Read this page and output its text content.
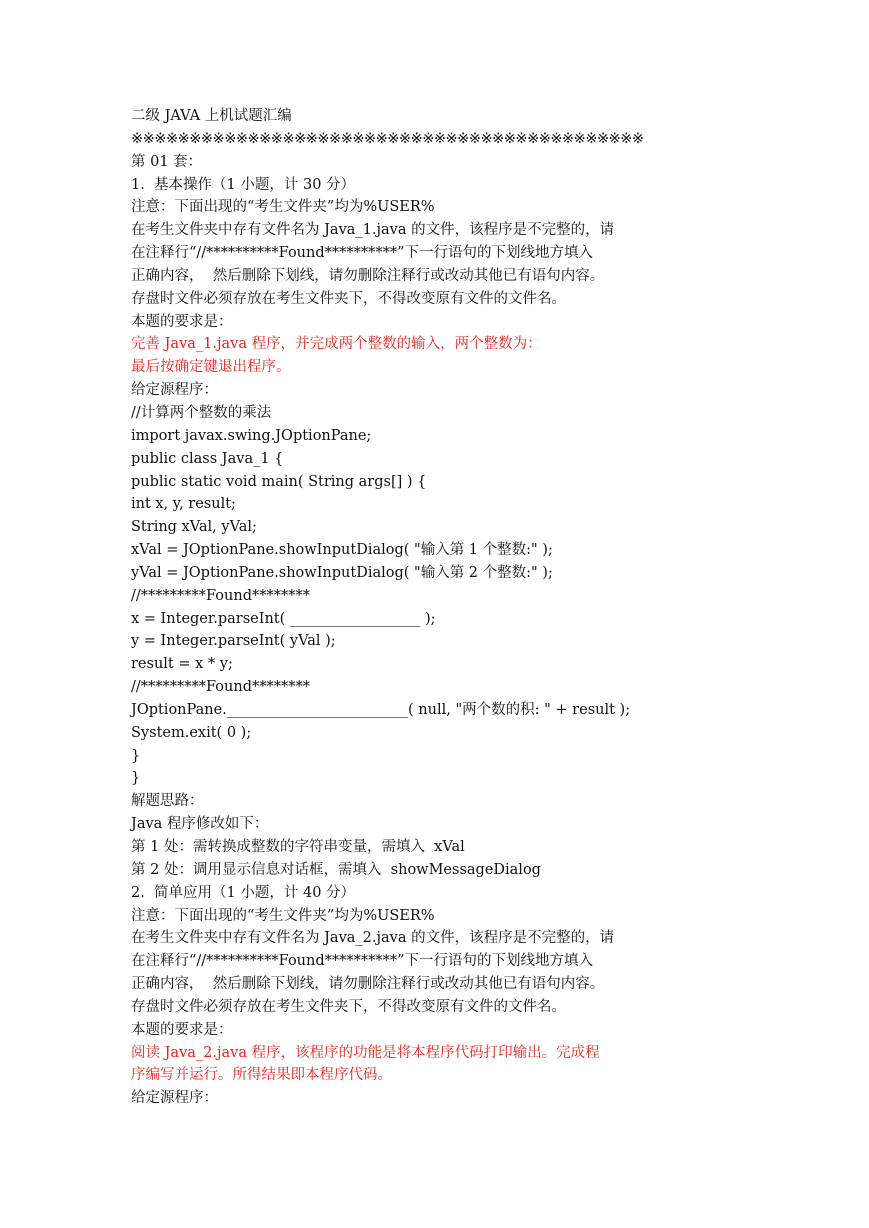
二级 JAVA 上机试题汇编
※※※※※※※※※※※※※※※※※※※※※※※※※※※※※※※※※※※※※※※※※※※※
第 01 套：
1.  基本操作（1 小题，计 30 分）
注意：下面出现的“考生文件夹”均为%USER%
在考生文件夹中存有文件名为 Java_1.java 的文件，该程序是不完整的，请
在注释行“//**********Found**********”下一行语句的下划线地方填入
正确内容，  然后删除下划线，请勿删除注释行或改动其他已有语句内容。
存盘时文件必须存放在考生文件夹下，不得改变原有文件的文件名。
本题的要求是：
完善 Java_1.java 程序，并完成两个整数的输入，两个整数为：
最后按确定键退出程序。
给定源程序：
//计算两个整数的乘法
import javax.swing.JOptionPane;
public class Java_1 {
public static void main( String args[] ) {
int x, y, result;
String xVal, yVal;
xVal = JOptionPane.showInputDialog( "输入第 1 个整数:" );
yVal = JOptionPane.showInputDialog( "输入第 2 个整数:" );
//*********Found********
x = Integer.parseInt( __________________ );
y = Integer.parseInt( yVal );
result = x * y;
//*********Found********
JOptionPane._________________________( null, "两个数的积: " + result );
System.exit( 0 );
}
}
解题思路：
Java 程序修改如下：
第 1 处：需转换成整数的字符串变量，需填入  xVal
第 2 处：调用显示信息对话框，需填入  showMessageDialog
2.  简单应用（1 小题，计 40 分）
注意：下面出现的“考生文件夹”均为%USER%
在考生文件夹中存有文件名为 Java_2.java 的文件，该程序是不完整的，请
在注释行“//**********Found**********”下一行语句的下划线地方填入
正确内容，  然后删除下划线，请勿删除注释行或改动其他已有语句内容。
存盘时文件必须存放在考生文件夹下，不得改变原有文件的文件名。
本题的要求是：
阅读 Java_2.java 程序，该程序的功能是将本程序代码打印输出。完成程
序编写并运行。所得结果即本程序代码。
给定源程序：
